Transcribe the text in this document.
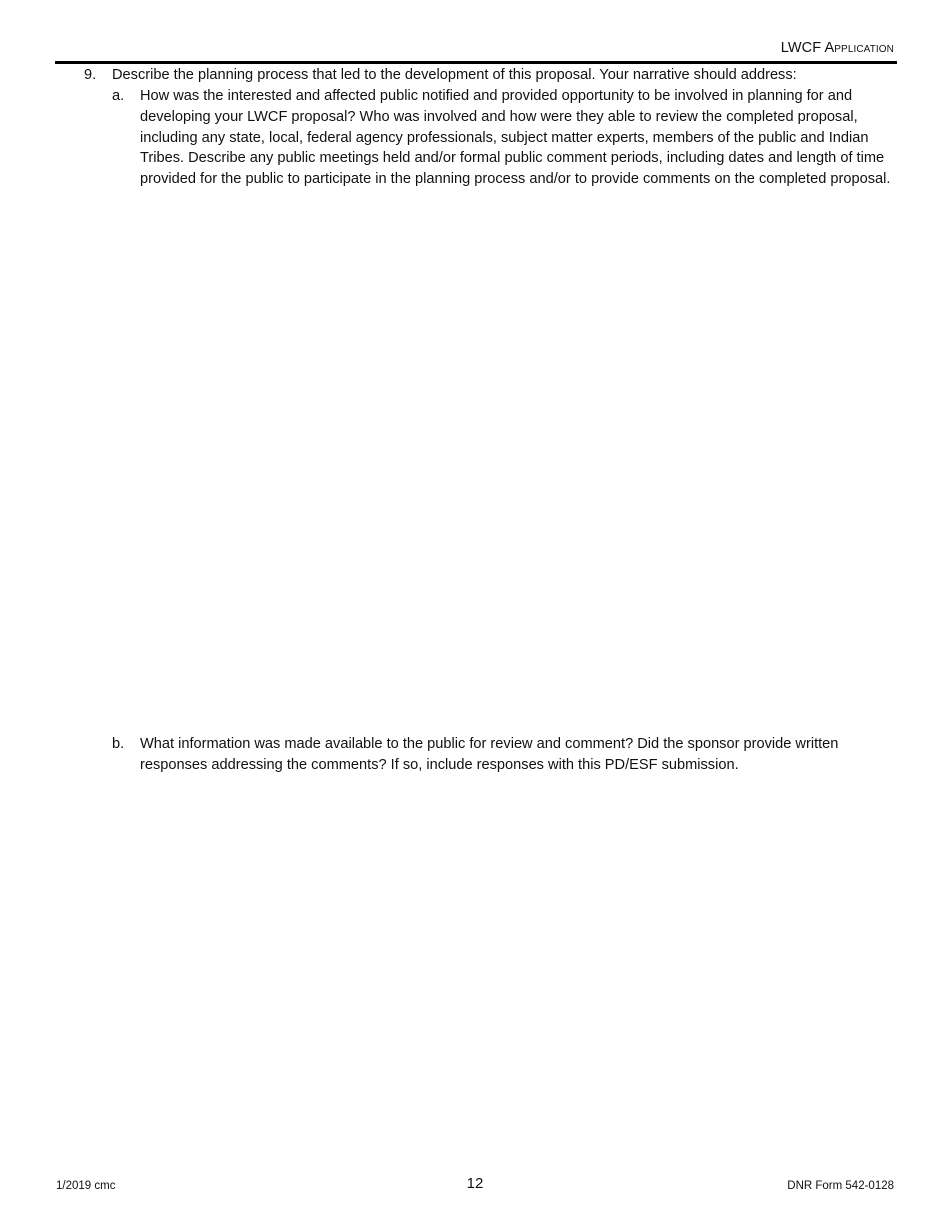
LWCF Application
9. Describe the planning process that led to the development of this proposal. Your narrative should address:
a. How was the interested and affected public notified and provided opportunity to be involved in planning for and developing your LWCF proposal? Who was involved and how were they able to review the completed proposal, including any state, local, federal agency professionals, subject matter experts, members of the public and Indian Tribes. Describe any public meetings held and/or formal public comment periods, including dates and length of time provided for the public to participate in the planning process and/or to provide comments on the completed proposal.
b. What information was made available to the public for review and comment? Did the sponsor provide written responses addressing the comments? If so, include responses with this PD/ESF submission.
1/2019 cmc	12	DNR Form 542-0128
